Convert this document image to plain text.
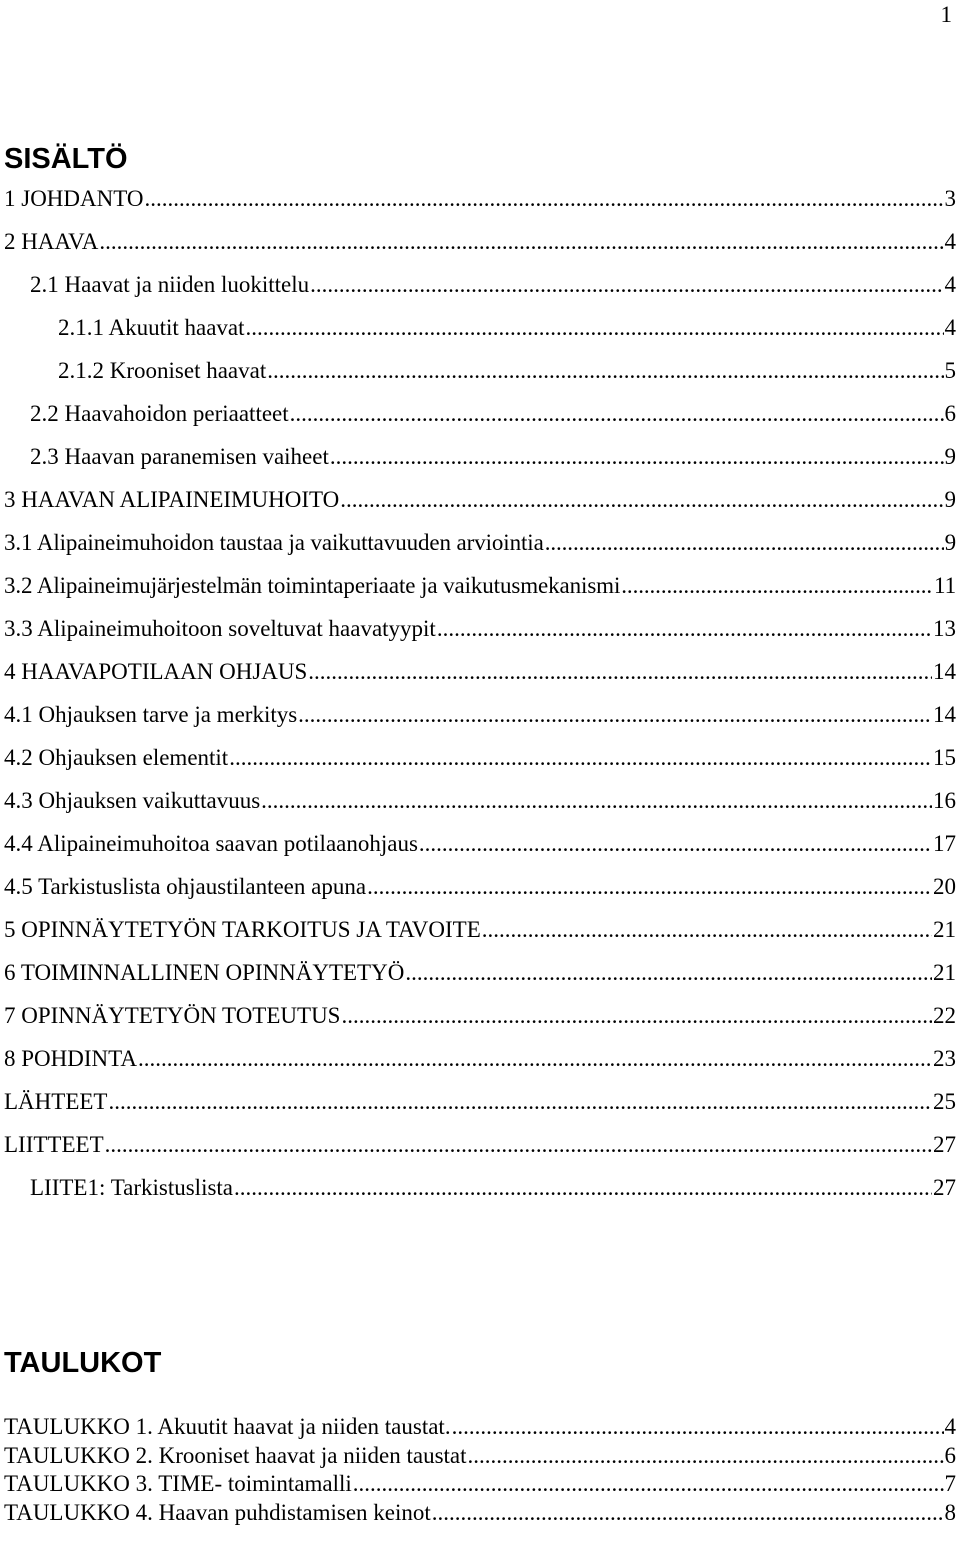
1
SISÄLTÖ
1 JOHDANTO .....	3
2 HAAVA .....	4
2.1 Haavat ja niiden luokittelu .....	4
2.1.1 Akuutit haavat .....	4
2.1.2 Krooniset haavat .....	5
2.2 Haavahoidon periaatteet .....	6
2.3 Haavan paranemisen vaiheet .....	9
3 HAAVAN ALIPAINEIMUHOITO .....	9
3.1 Alipaineimuhoidon taustaa ja vaikuttavuuden arviointia .....	9
3.2 Alipaineimujärjestelmän toimintaperiaate ja vaikutusmekanismi .....	11
3.3 Alipaineimuhoitoon soveltuvat haavatyypit .....	13
4 HAAVAPOTILAAN OHJAUS .....	14
4.1 Ohjauksen tarve ja merkitys .....	14
4.2 Ohjauksen elementit .....	15
4.3 Ohjauksen vaikuttavuus .....	16
4.4 Alipaineimuhoitoa saavan potilaanohjaus .....	17
4.5 Tarkistuslista ohjaustilanteen apuna .....	20
5 OPINNÄYTETYÖN TARKOITUS JA TAVOITE .....	21
6 TOIMINNALLINEN OPINNÄYTETYÖ .....	21
7 OPINNÄYTETYÖN TOTEUTUS .....	22
8 POHDINTA .....	23
LÄHTEET .....	25
LIITTEET .....	27
LIITE1: Tarkistuslista .....	27
TAULUKOT
TAULUKKO 1. Akuutit haavat ja niiden taustat. .....	4
TAULUKKO 2. Krooniset haavat ja niiden taustat .....	6
TAULUKKO 3. TIME- toimintamalli .....	7
TAULUKKO 4. Haavan puhdistamisen keinot .....	8
